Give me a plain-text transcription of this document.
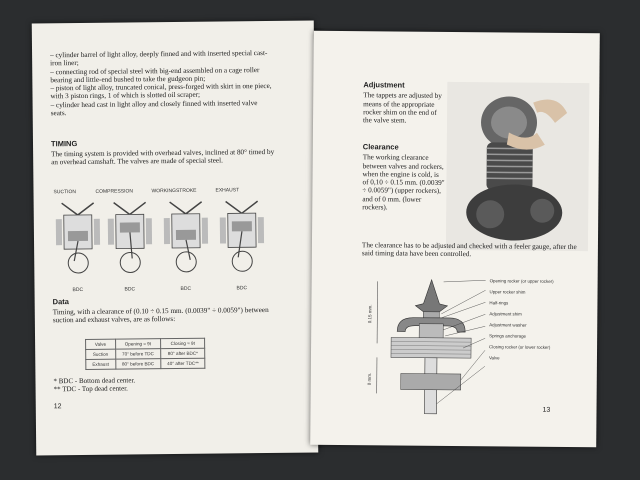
– cylinder barrel of light alloy, deeply finned and with inserted special cast-iron liner;
– connecting rod of special steel with big-end assembled on a cage roller bearing and little-end bushed to take the gudgeon pin;
– piston of light alloy, truncated conical, press-forged with skirt in one piece, with 3 piston rings, 1 of which is slotted oil scraper;
– cylinder head cast in light alloy and closely finned with inserted valve seats.
TIMING

The timing system is provided with overhead valves, inclined at 80° timed by an overhead camshaft. The valves are made of special steel.

SUCTION	COMPRESSION	WORKINGSTROKE	EXHAUST
BDC	BDC	BDC	BDC
Data

Timing, with a clearance of (0.10 ÷ 0.15 mm. (0.0039" ÷ 0.0059") between suction and exhaust valves, are as follows:

Valve	Opening ≈ 9t	Closing ≈ 9t
Suction	70° before TDC	80° after BDC*
Exhaust	80° before BDC	40° after TDC**
* BDC - Bottom dead center.
** TDC - Top dead center.
12
Adjustment

The tappets are adjusted by means of the appropriate rocker shim on the end of the valve stem.

Clearance

The working clearance between valves and rockers, when the engine is cold, is of 0,10 ÷ 0.15 mm. (0.0039" ÷ 0.0059") (upper rockers), and of 0 mm. (lower rockers).

The clearance has to be adjusted and checked with a feeler gauge, after the said timing data have been controlled.

0.15 mm.
0 mm.
Opening rocker (or upper rocker)
Upper rocker shim
Half-rings
Adjustment shim
Adjustment washer
Springs anchorage
Closing rocker (or lower rocker)
Valve
13
